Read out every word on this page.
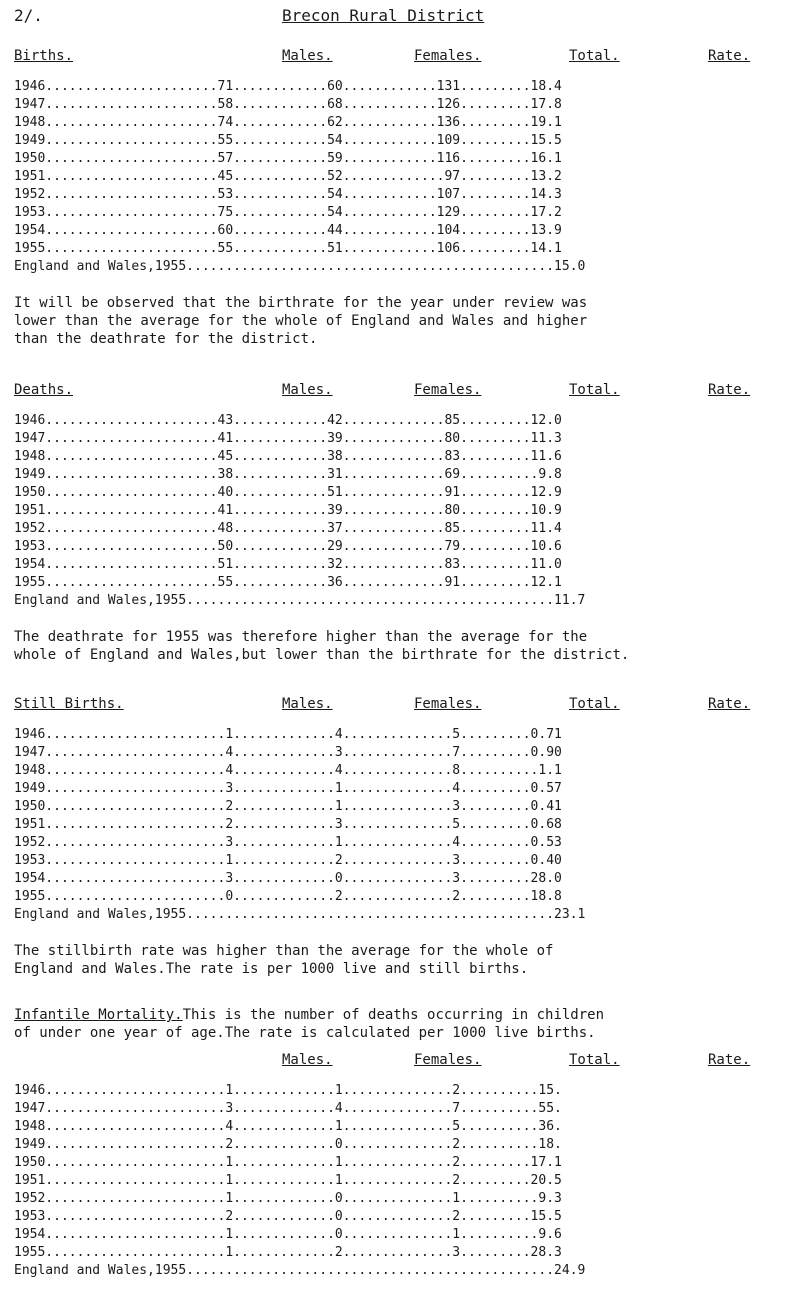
2/.	Brecon Rural District
Births.	Males.	Females.	Total.	Rate.
1946......................71............60............131.........18.4
1947......................58............68............126.........17.8
1948......................74............62............136.........19.1
1949......................55............54............109.........15.5
1950......................57............59............116.........16.1
1951......................45............52.............97.........13.2
1952......................53............54............107.........14.3
1953......................75............54............129.........17.2
1954......................60............44............104.........13.9
1955......................55............51............106.........14.1
England and Wales,1955...............................................15.0
It will be observed that the birthrate for the year under review was
lower than the average for the whole of England and Wales and higher
than the deathrate for the district.
Deaths.	Males.	Females.	Total.	Rate.
1946......................43............42.............85.........12.0
1947......................41............39.............80.........11.3
1948......................45............38.............83.........11.6
1949......................38............31.............69..........9.8
1950......................40............51.............91.........12.9
1951......................41............39.............80.........10.9
1952......................48............37.............85.........11.4
1953......................50............29.............79.........10.6
1954......................51............32.............83.........11.0
1955......................55............36.............91.........12.1
England and Wales,1955...............................................11.7
The deathrate for 1955 was therefore higher than the average for the
whole of England and Wales,but lower than the birthrate for the district.
Still Births.	Males.	Females.	Total.	Rate.
1946.......................1.............4..............5.........0.71
1947.......................4.............3..............7.........0.90
1948.......................4.............4..............8..........1.1
1949.......................3.............1..............4.........0.57
1950.......................2.............1..............3.........0.41
1951.......................2.............3..............5.........0.68
1952.......................3.............1..............4.........0.53
1953.......................1.............2..............3.........0.40
1954.......................3.............0..............3.........28.0
1955.......................0.............2..............2.........18.8
England and Wales,1955...............................................23.1
The stillbirth rate was higher than the average for the whole of
England and Wales.The rate is per 1000 live and still births.
Infantile Mortality.This is the number of deaths occurring in children
of under one year of age.The rate is calculated per 1000 live births.
Males.	Females.	Total.	Rate.
1946.......................1.............1..............2..........15.
1947.......................3.............4..............7..........55.
1948.......................4.............1..............5..........36.
1949.......................2.............0..............2..........18.
1950.......................1.............1..............2.........17.1
1951.......................1.............1..............2.........20.5
1952.......................1.............0..............1..........9.3
1953.......................2.............0..............2.........15.5
1954.......................1.............0..............1..........9.6
1955.......................1.............2..............3.........28.3
England and Wales,1955...............................................24.9
